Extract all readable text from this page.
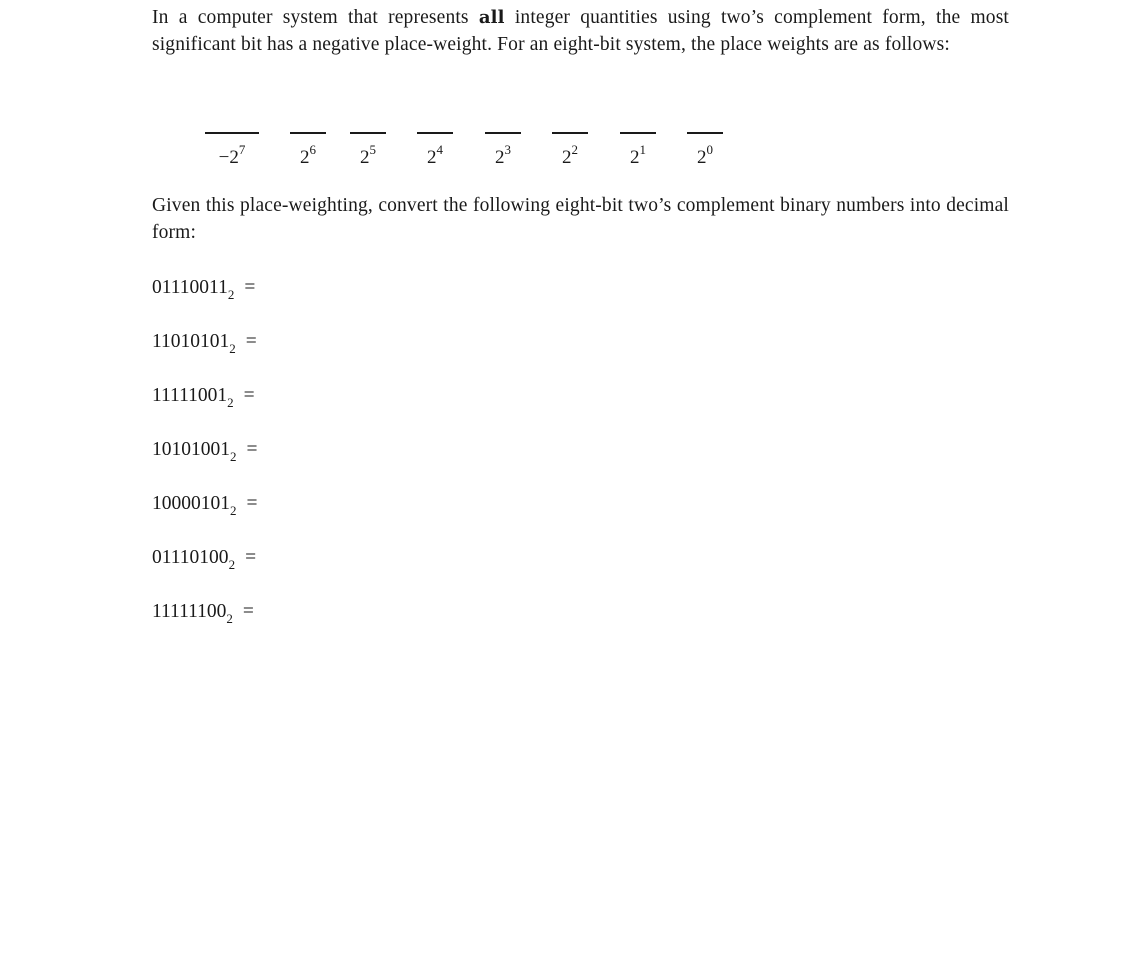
In a computer system that represents all integer quantities using two’s complement form, the most significant bit has a negative place-weight. For an eight-bit system, the place weights are as follows:

$-2^7$	$2^6$	$2^5$	$2^4$	$2^3$	$2^2$	$2^1$	$2^0$

Given this place-weighting, convert the following eight-bit two’s complement binary numbers into decimal form:

$01110011_2$ =
$11010101_2$ =
$11111001_2$ =
$10101001_2$ =
$10000101_2$ =
$01110100_2$ =
$11111100_2$ =
